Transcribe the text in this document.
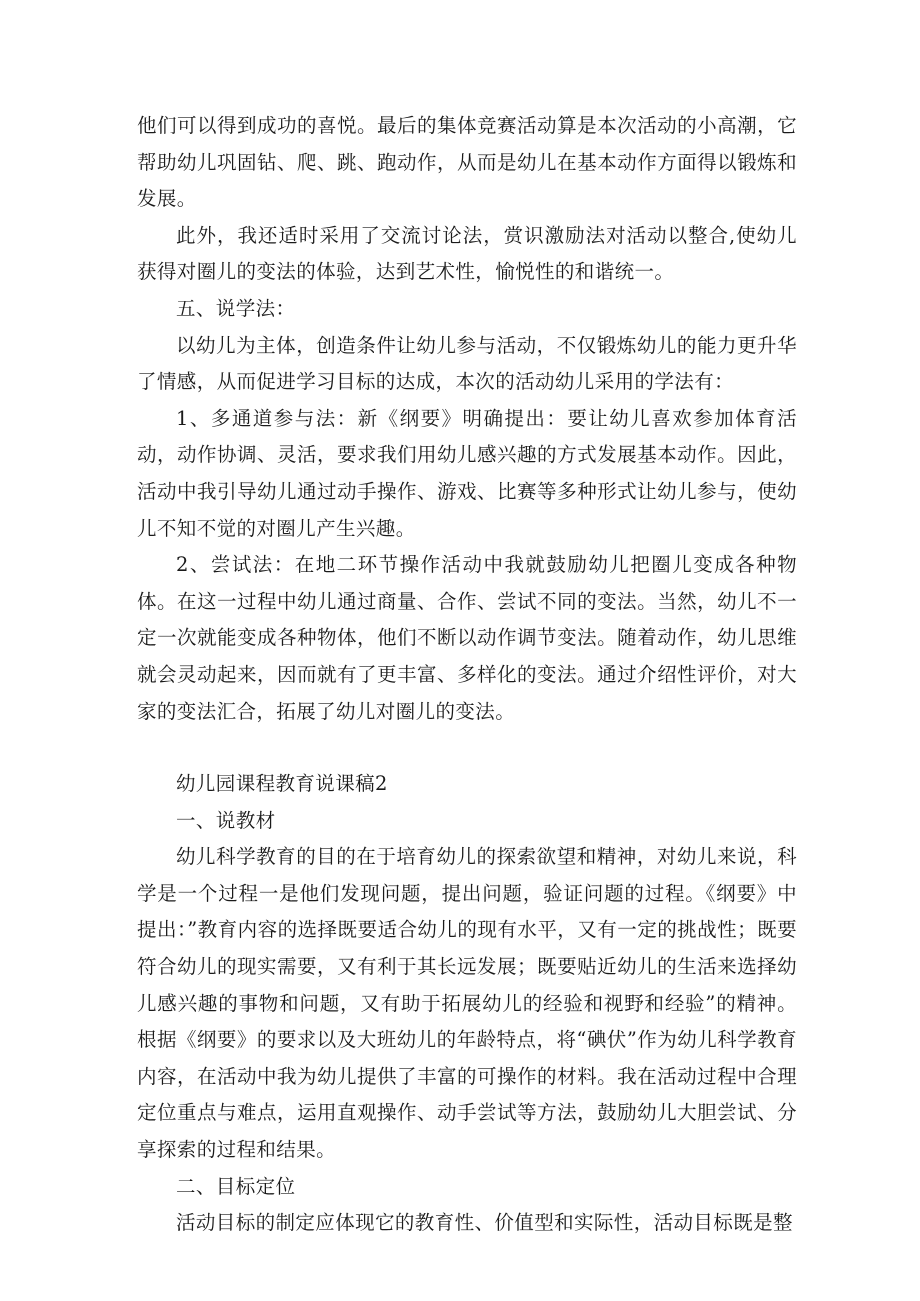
他们可以得到成功的喜悦。最后的集体竞赛活动算是本次活动的小高潮，它帮助幼儿巩固钻、爬、跳、跑动作，从而是幼儿在基本动作方面得以锻炼和发展。

此外，我还适时采用了交流讨论法，赏识激励法对活动以整合,使幼儿获得对圈儿的变法的体验，达到艺术性，愉悦性的和谐统一。

五、说学法：

以幼儿为主体，创造条件让幼儿参与活动，不仅锻炼幼儿的能力更升华了情感，从而促进学习目标的达成，本次的活动幼儿采用的学法有：

1、多通道参与法：新《纲要》明确提出：要让幼儿喜欢参加体育活动，动作协调、灵活，要求我们用幼儿感兴趣的方式发展基本动作。因此，活动中我引导幼儿通过动手操作、游戏、比赛等多种形式让幼儿参与，使幼儿不知不觉的对圈儿产生兴趣。

2、尝试法：在地二环节操作活动中我就鼓励幼儿把圈儿变成各种物体。在这一过程中幼儿通过商量、合作、尝试不同的变法。当然，幼儿不一定一次就能变成各种物体，他们不断以动作调节变法。随着动作，幼儿思维就会灵动起来，因而就有了更丰富、多样化的变法。通过介绍性评价，对大家的变法汇合，拓展了幼儿对圈儿的变法。

幼儿园课程教育说课稿2

一、说教材

幼儿科学教育的目的在于培育幼儿的探索欲望和精神，对幼儿来说，科学是一个过程一是他们发现问题，提出问题，验证问题的过程。《纲要》中提出：”教育内容的选择既要适合幼儿的现有水平，又有一定的挑战性；既要符合幼儿的现实需要，又有利于其长远发展；既要贴近幼儿的生活来选择幼儿感兴趣的事物和问题，又有助于拓展幼儿的经验和视野和经验”的精神。根据《纲要》的要求以及大班幼儿的年龄特点，将“碘伏”作为幼儿科学教育内容，在活动中我为幼儿提供了丰富的可操作的材料。我在活动过程中合理定位重点与难点，运用直观操作、动手尝试等方法，鼓励幼儿大胆尝试、分享探索的过程和结果。

二、目标定位

活动目标的制定应体现它的教育性、价值型和实际性，活动目标既是整
